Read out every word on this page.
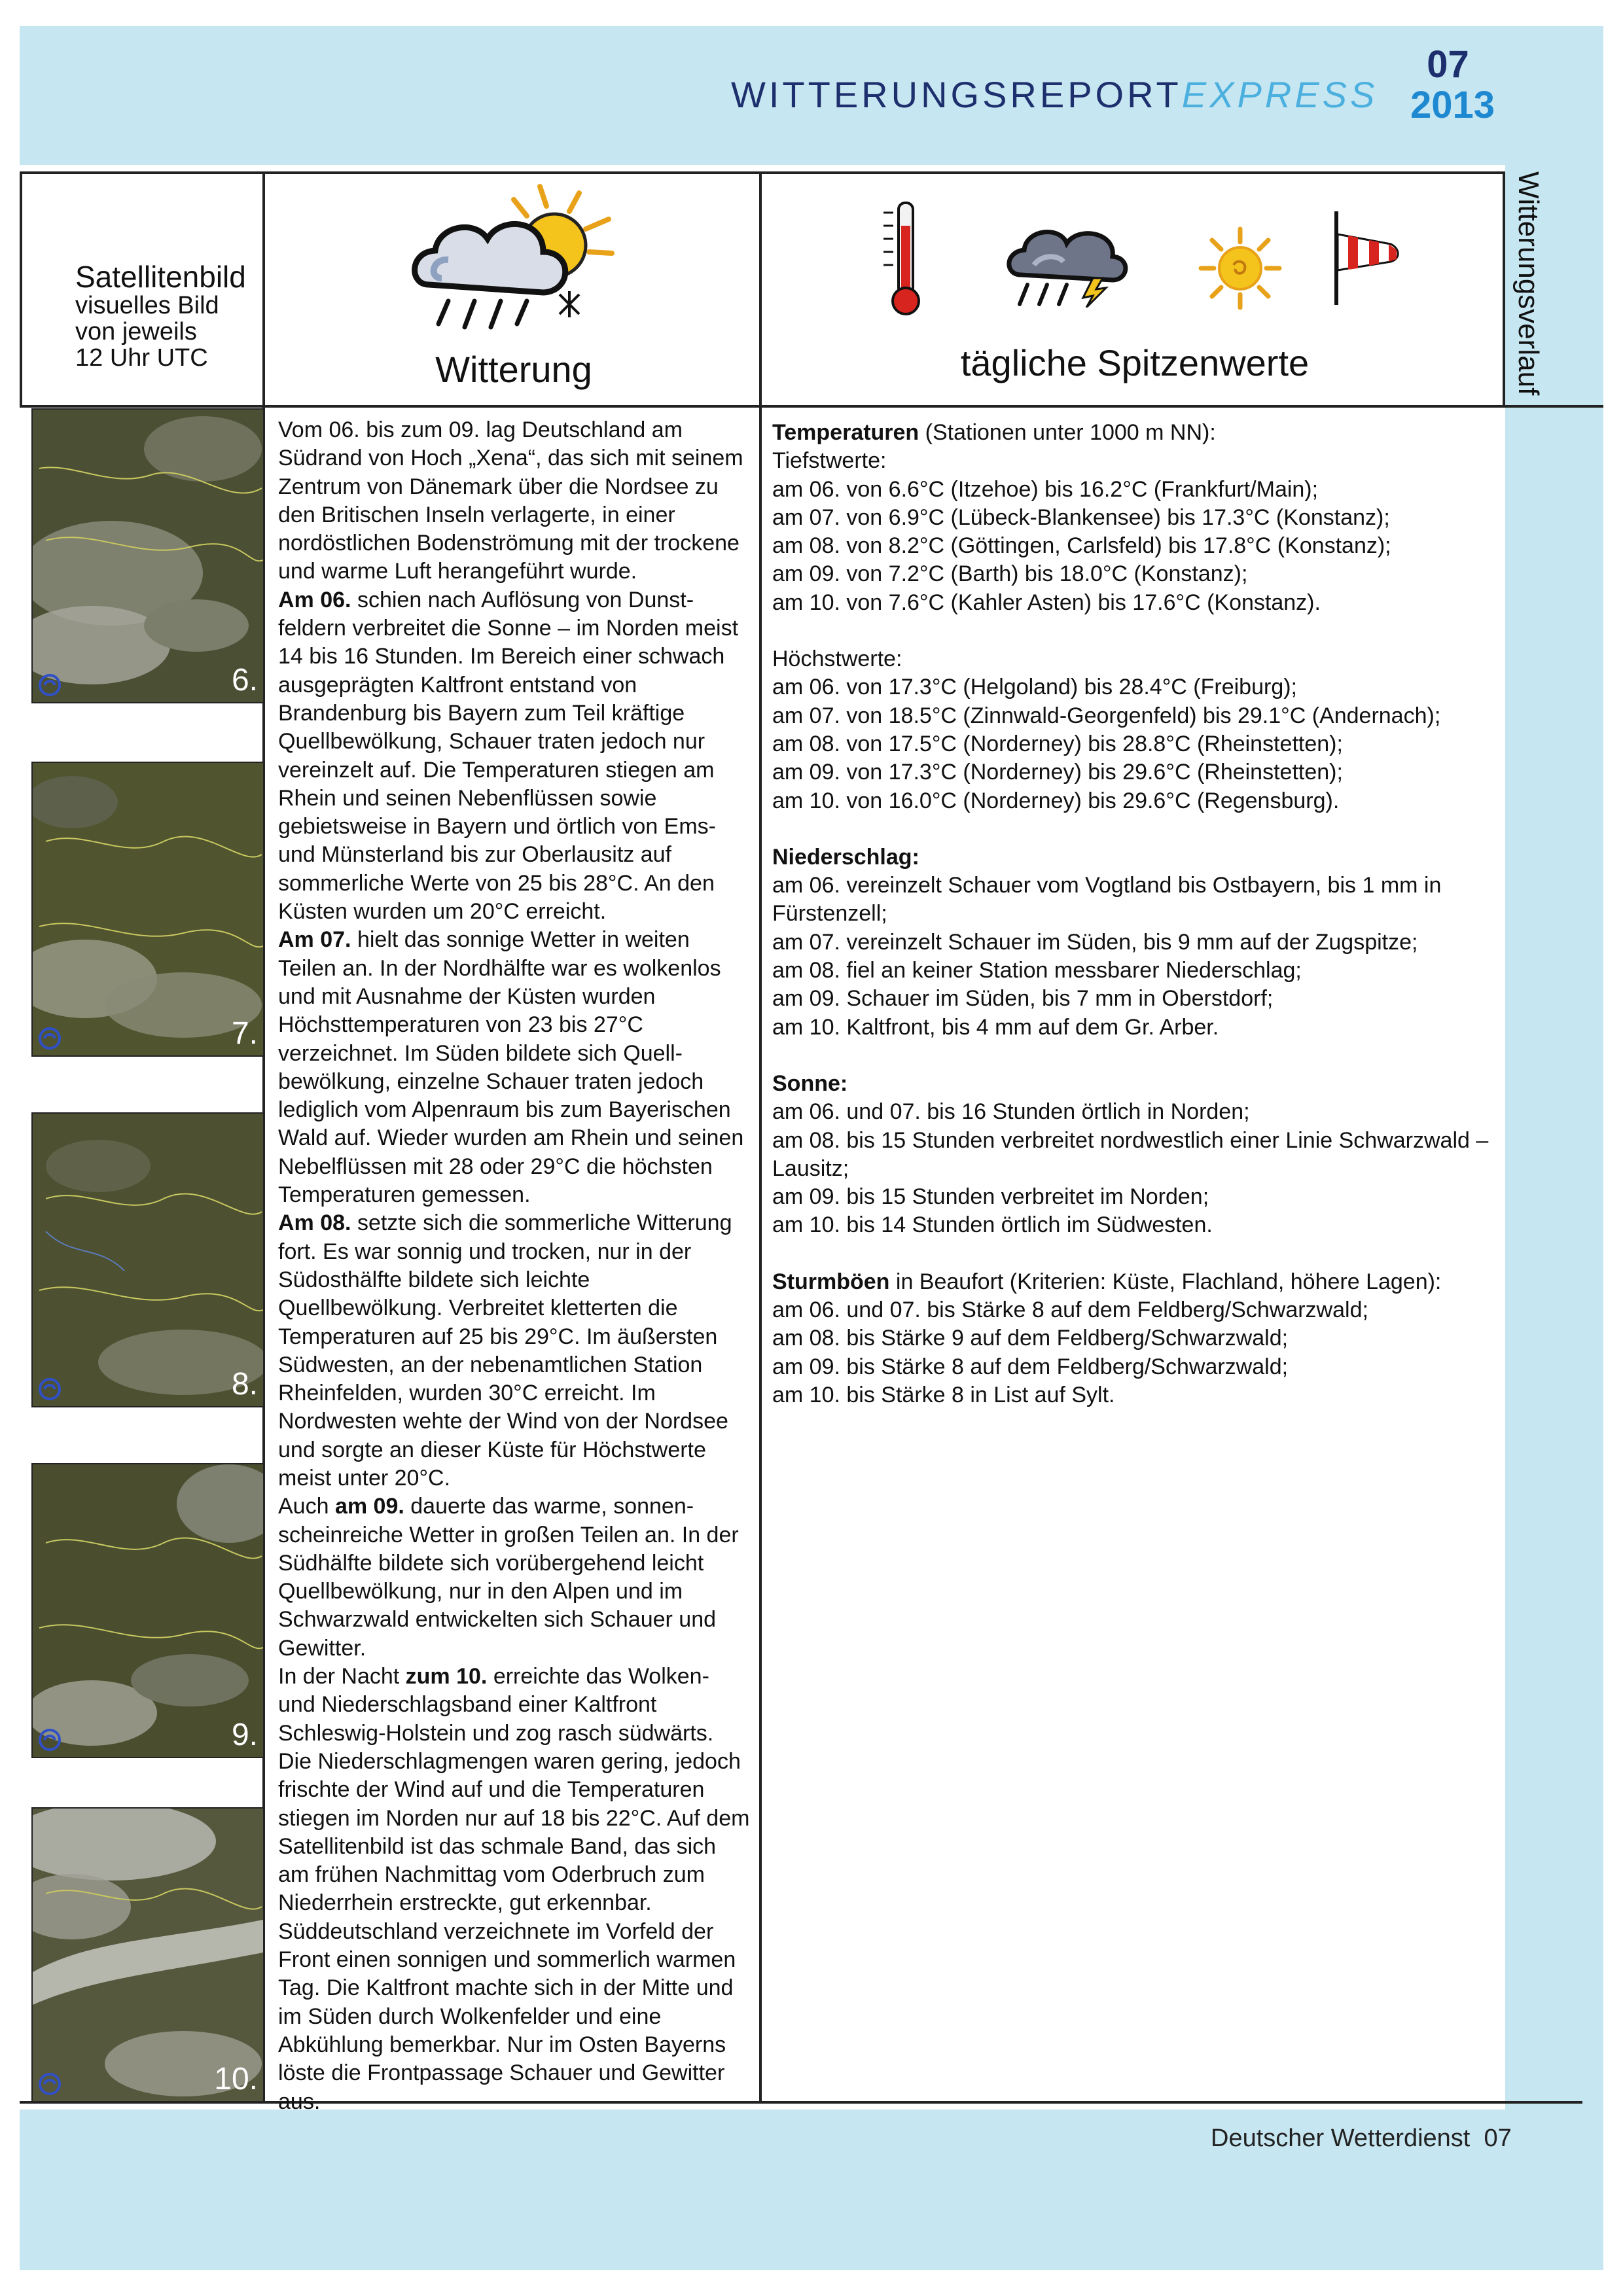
WITTERUNGSREPORTEXPRESS
07
2013
Satellitenbild
visuelles Bild
von jeweils
12 Uhr UTC	Witterung	tägliche Spitzenwerte	Witterungsverlauf
6.
7.
8.
9.
10.

Vom 06. bis zum 09. lag Deutschland am Südrand von Hoch „Xena“, das sich mit seinem Zentrum von Dänemark über die Nordsee zu den Britischen Inseln verlagerte, in einer nordöstlichen Bodenströmung mit der trockene und warme Luft herangeführt wurde.

Am 06. schien nach Auflösung von Dunstfeldern verbreitet die Sonne – im Norden meist 14 bis 16 Stunden. Im Bereich einer schwach ausgeprägten Kaltfront entstand von Brandenburg bis Bayern zum Teil kräftige Quellbewölkung, Schauer traten jedoch nur vereinzelt auf. Die Temperaturen stiegen am Rhein und seinen Nebenflüssen sowie gebietsweise in Bayern und örtlich von Ems- und Münsterland bis zur Oberlausitz auf sommerliche Werte von 25 bis 28°C. An den Küsten wurden um 20°C erreicht.

Am 07. hielt das sonnige Wetter in weiten Teilen an. In der Nordhälfte war es wolkenlos und mit Ausnahme der Küsten wurden Höchsttemperaturen von 23 bis 27°C verzeichnet. Im Süden bildete sich Quellbewölkung, einzelne Schauer traten jedoch lediglich vom Alpenraum bis zum Bayerischen Wald auf. Wieder wurden am Rhein und seinen Nebelflüssen mit 28 oder 29°C die höchsten Temperaturen gemessen.

Am 08. setzte sich die sommerliche Witterung fort. Es war sonnig und trocken, nur in der Südosthälfte bildete sich leichte Quellbewölkung. Verbreitet kletterten die Temperaturen auf 25 bis 29°C. Im äußersten Südwesten, an der nebenamtlichen Station Rheinfelden, wurden 30°C erreicht. Im Nordwesten wehte der Wind von der Nordsee und sorgte an dieser Küste für Höchstwerte meist unter 20°C.

Auch am 09. dauerte das warme, sonnenscheinreiche Wetter in großen Teilen an. In der Südhälfte bildete sich vorübergehend leicht Quellbewölkung, nur in den Alpen und im Schwarzwald entwickelten sich Schauer und Gewitter.

In der Nacht zum 10. erreichte das Wolken- und Niederschlagsband einer Kaltfront Schleswig-Holstein und zog rasch südwärts. Die Niederschlagmengen waren gering, jedoch frischte der Wind auf und die Temperaturen stiegen im Norden nur auf 18 bis 22°C. Auf dem Satellitenbild ist das schmale Band, das sich am frühen Nachmittag vom Oderbruch zum Niederrhein erstreckte, gut erkennbar. Süddeutschland verzeichnete im Vorfeld der Front einen sonnigen und sommerlich warmen Tag. Die Kaltfront machte sich in der Mitte und im Süden durch Wolkenfelder und eine Abkühlung bemerkbar. Nur im Osten Bayerns löste die Frontpassage Schauer und Gewitter aus.

Temperaturen (Stationen unter 1000 m NN):

Tiefstwerte:

am 06. von 6.6°C (Itzehoe) bis 16.2°C (Frankfurt/Main);

am 07. von 6.9°C (Lübeck-Blankensee) bis 17.3°C (Konstanz);

am 08. von 8.2°C (Göttingen, Carlsfeld) bis 17.8°C (Konstanz);

am 09. von 7.2°C (Barth) bis 18.0°C (Konstanz);

am 10. von 7.6°C (Kahler Asten) bis 17.6°C (Konstanz).

Höchstwerte:

am 06. von 17.3°C (Helgoland) bis 28.4°C (Freiburg);

am 07. von 18.5°C (Zinnwald-Georgenfeld) bis 29.1°C (Andernach);

am 08. von 17.5°C (Norderney) bis 28.8°C (Rheinstetten);

am 09. von 17.3°C (Norderney) bis 29.6°C (Rheinstetten);

am 10. von 16.0°C (Norderney) bis 29.6°C (Regensburg).

Niederschlag:

am 06. vereinzelt Schauer vom Vogtland bis Ostbayern, bis 1 mm in Fürstenzell;

am 07. vereinzelt Schauer im Süden, bis 9 mm auf der Zugspitze;

am 08. fiel an keiner Station messbarer Niederschlag;

am 09. Schauer im Süden, bis 7 mm in Oberstdorf;

am 10. Kaltfront, bis 4 mm auf dem Gr. Arber.

Sonne:

am 06. und 07. bis 16 Stunden örtlich in Norden;

am 08. bis 15 Stunden verbreitet nordwestlich einer Linie Schwarzwald – Lausitz;

am 09. bis 15 Stunden verbreitet im Norden;

am 10. bis 14 Stunden örtlich im Südwesten.

Sturmböen in Beaufort (Kriterien: Küste, Flachland, höhere Lagen):

am 06. und 07. bis Stärke 8 auf dem Feldberg/Schwarzwald;

am 08. bis Stärke 9 auf dem Feldberg/Schwarzwald;

am 09. bis Stärke 8 auf dem Feldberg/Schwarzwald;

am 10. bis Stärke 8 in List auf Sylt.

Deutscher Wetterdienst 07
